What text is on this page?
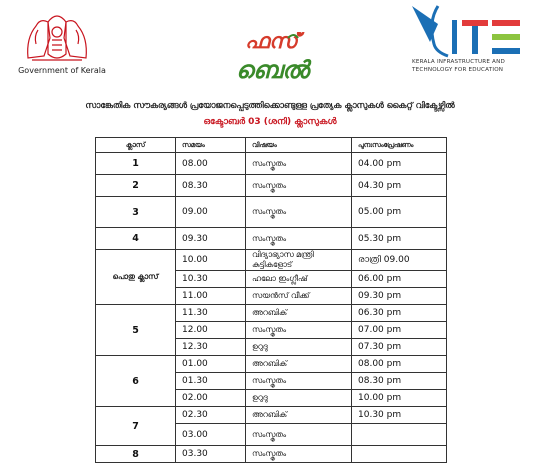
Government of Kerala
ഫസ്
ബെൽ	KERALA INFRASTRUCTURE AND
TECHNOLOGY FOR EDUCATION
സാങ്കേതിക സൗകര്യങ്ങൾ പ്രയോജനപ്പെടുത്തിക്കൊണ്ടുള്ള പ്രത്യേക ക്ലാസുകൾ കൈറ്റ് വിക്ടേഴ്സിൽ
ഒക്ടോബർ 03 (ശനി) ക്ലാസുകൾ
ക്ലാസ്	സമയം	വിഷയം	പുനഃസംപ്രേഷണം
1	08.00	സംസ്കൃതം	04.00 pm
2	08.30	സംസ്കൃതം	04.30 pm
3	09.00	സംസ്കൃതം	05.00 pm
4	09.30	സംസ്കൃതം	05.30 pm
പൊതു ക്ലാസ്	10.00	വിദ്യാഭ്യാസ മന്ത്രി കുട്ടികളോട്	രാത്രി 09.00
	10.30	ഹലോ ഇംഗ്ലീഷ്	06.00 pm
	11.00	സയൻസ് വീക്ക്	09.30 pm
5	11.30	അറബിക്	06.30 pm
	12.00	സംസ്കൃതം	07.00 pm
	12.30	ഉറുദു	07.30 pm
6	01.00	അറബിക്	08.00 pm
	01.30	സംസ്കൃതം	08.30 pm
	02.00	ഉറുദു	10.00 pm
7	02.30	അറബിക്	10.30 pm
	03.00	സംസ്കൃതം	
8	03.30	സംസ്കൃതം	
